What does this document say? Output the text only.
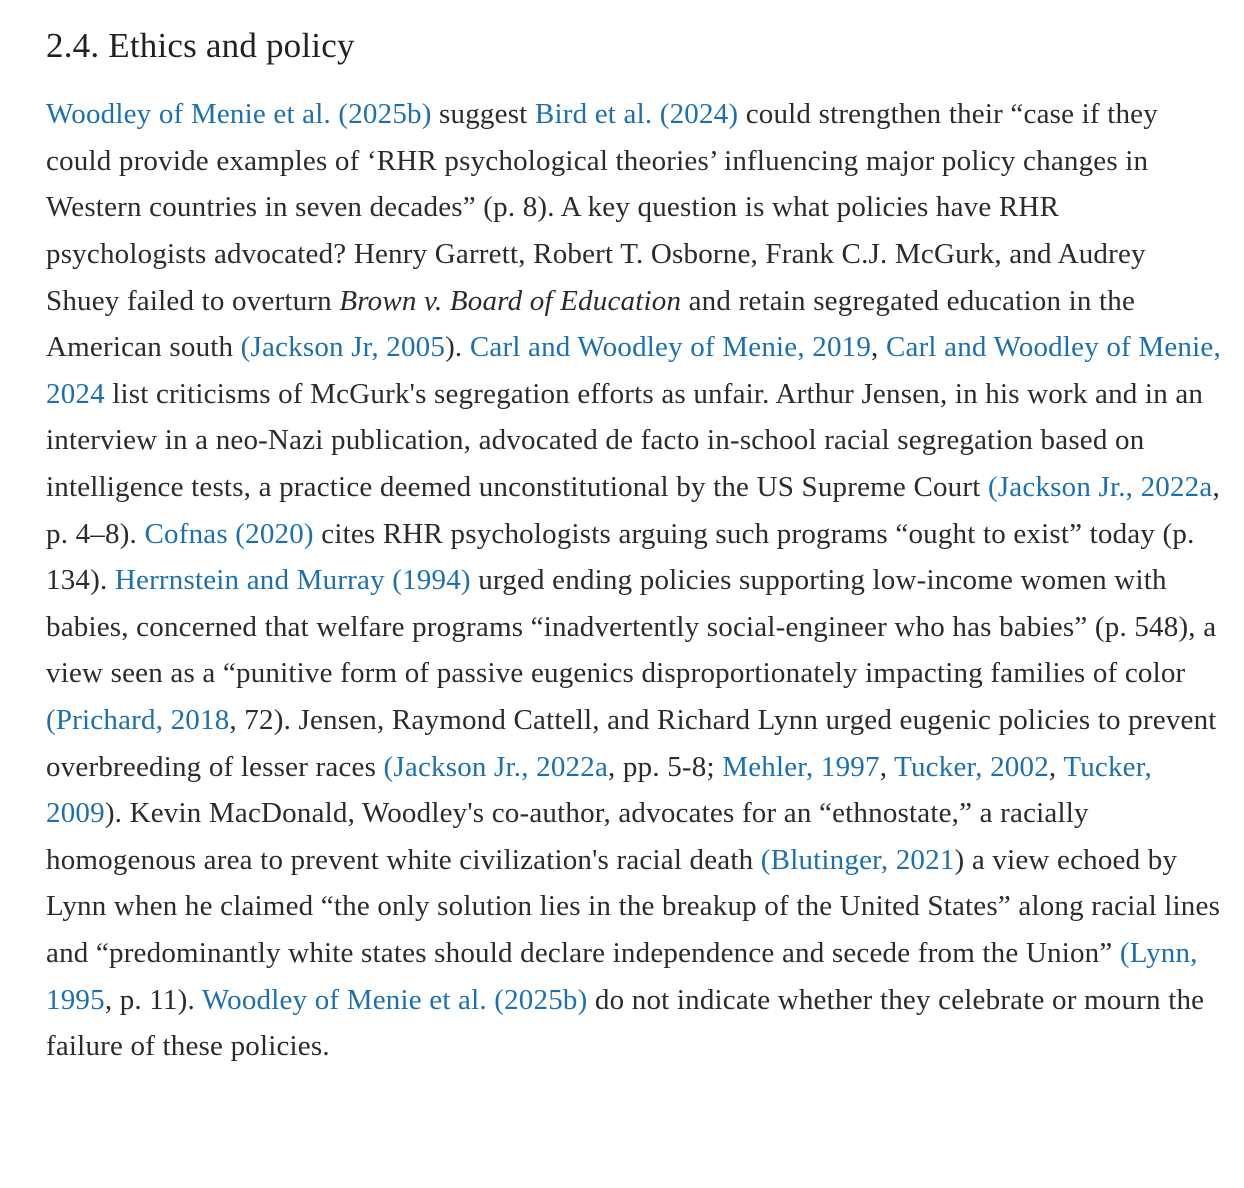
2.4. Ethics and policy

Woodley of Menie et al. (2025b) suggest Bird et al. (2024) could strengthen their “case if they could provide examples of ‘RHR psychological theories’ influencing major policy changes in Western countries in seven decades” (p. 8). A key question is what policies have RHR psychologists advocated? Henry Garrett, Robert T. Osborne, Frank C.J. McGurk, and Audrey Shuey failed to overturn Brown v. Board of Education and retain segregated education in the American south (Jackson Jr, 2005). Carl and Woodley of Menie, 2019, Carl and Woodley of Menie, 2024 list criticisms of McGurk's segregation efforts as unfair. Arthur Jensen, in his work and in an interview in a neo-Nazi publication, advocated de facto in-school racial segregation based on intelligence tests, a practice deemed unconstitutional by the US Supreme Court (Jackson Jr., 2022a, p. 4–8). Cofnas (2020) cites RHR psychologists arguing such programs “ought to exist” today (p. 134). Herrnstein and Murray (1994) urged ending policies supporting low-income women with babies, concerned that welfare programs “inadvertently social-engineer who has babies” (p. 548), a view seen as a “punitive form of passive eugenics disproportionately impacting families of color (Prichard, 2018, 72). Jensen, Raymond Cattell, and Richard Lynn urged eugenic policies to prevent overbreeding of lesser races (Jackson Jr., 2022a, pp. 5-8; Mehler, 1997, Tucker, 2002, Tucker, 2009). Kevin MacDonald, Woodley's co-author, advocates for an “ethnostate,” a racially homogenous area to prevent white civilization's racial death (Blutinger, 2021) a view echoed by Lynn when he claimed “the only solution lies in the breakup of the United States” along racial lines and “predominantly white states should declare independence and secede from the Union” (Lynn, 1995, p. 11). Woodley of Menie et al. (2025b) do not indicate whether they celebrate or mourn the failure of these policies.
